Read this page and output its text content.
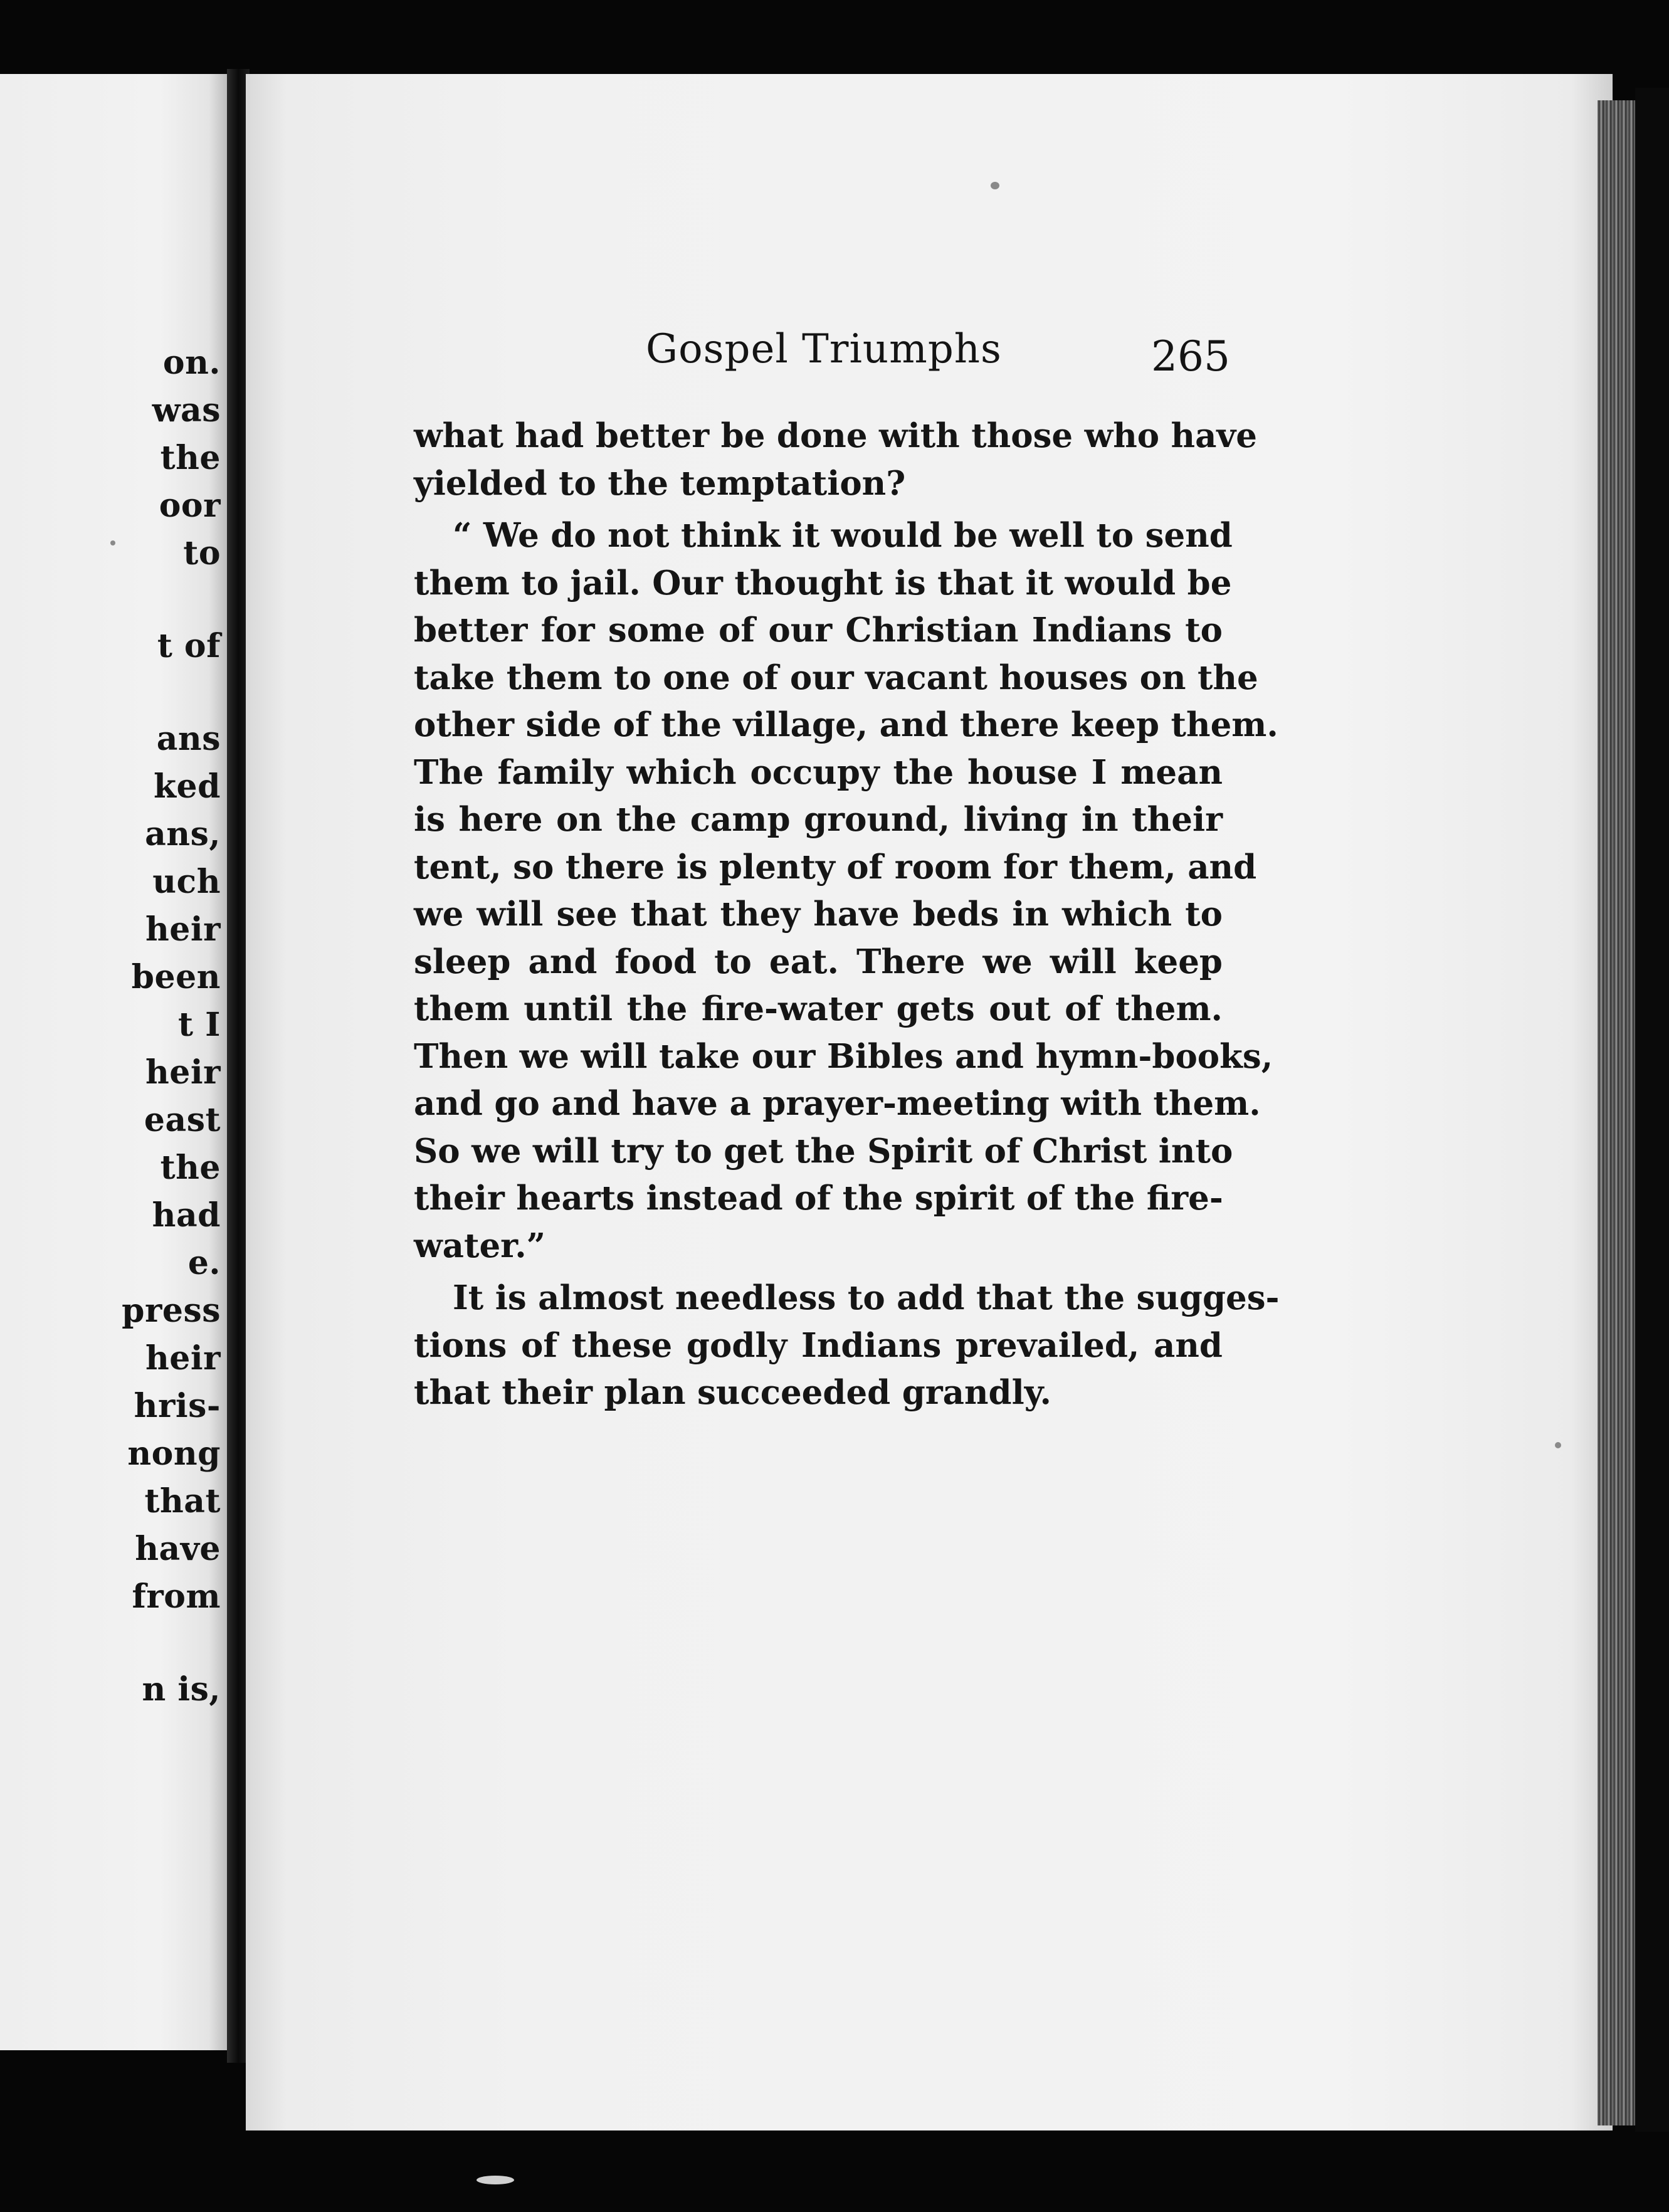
on.
was
the
oor
to
t of
ans
ked
ans,
uch
heir
been
t I
heir
east
the
had
e.
press
heir
hris-
nong
that
have
from
n is,
Gospel Triumphs	265
what had better be done with those who have
yielded to the temptation?
“ We do not think it would be well to send
them to jail. Our thought is that it would be
better for some of our Christian Indians to
take them to one of our vacant houses on the
other side of the village, and there keep them.
The family which occupy the house I mean
is here on the camp ground, living in their
tent, so there is plenty of room for them, and
we will see that they have beds in which to
sleep and food to eat. There we will keep
them until the fire-water gets out of them.
Then we will take our Bibles and hymn-books,
and go and have a prayer-meeting with them.
So we will try to get the Spirit of Christ into
their hearts instead of the spirit of the fire-
water.”
It is almost needless to add that the sugges-
tions of these godly Indians prevailed, and
that their plan succeeded grandly.
